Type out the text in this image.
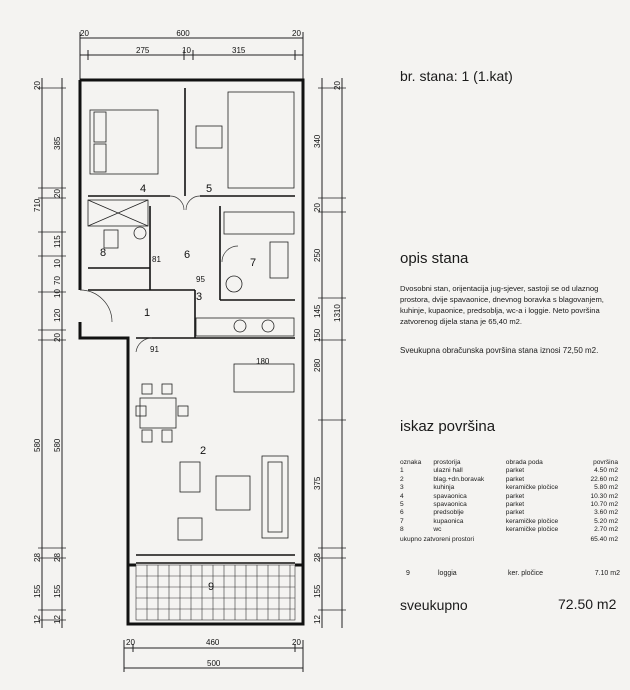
600
20
275	10	315
20
20	460	20
500
20
385
710
20
115
10
70
10
120
20
580 580
28 28
155 155
12 12
20
340
20
250
145
150
1310
280
375
28
155
12
81
91
180
95
1
2
3
4	5
6
7
8
9
br. stana: 1 (1.kat)
opis stana
Dvosobni stan, orijentacija jug-sjever, sastoji se od ulaznog prostora, dvije spavaonice, dnevnog boravka s blagovanjem, kuhinje, kupaonice, predsoblja, wc-a i loggie. Neto površina zatvorenog dijela stana je 65,40 m2.
Sveukupna obračunska površina stana iznosi 72,50 m2.
iskaz površina
oznaka	prostorija	obrada poda	površina
1	ulazni hall	parket	4.50 m2
2	blag.+dn.boravak	parket	22.60 m2
3	kuhinja	keramičke pločice	5.80 m2
4	spavaonica	parket	10.30 m2
5	spavaonica	parket	10.70 m2
6	predsoblje	parket	3.60 m2
7	kupaonica	keramičke pločice	5.20 m2
8	wc	keramičke pločice	2.70 m2
ukupno zatvoreni prostori			65.40 m2
9	loggia	ker. pločice	7.10 m2
sveukupno	72.50 m2
